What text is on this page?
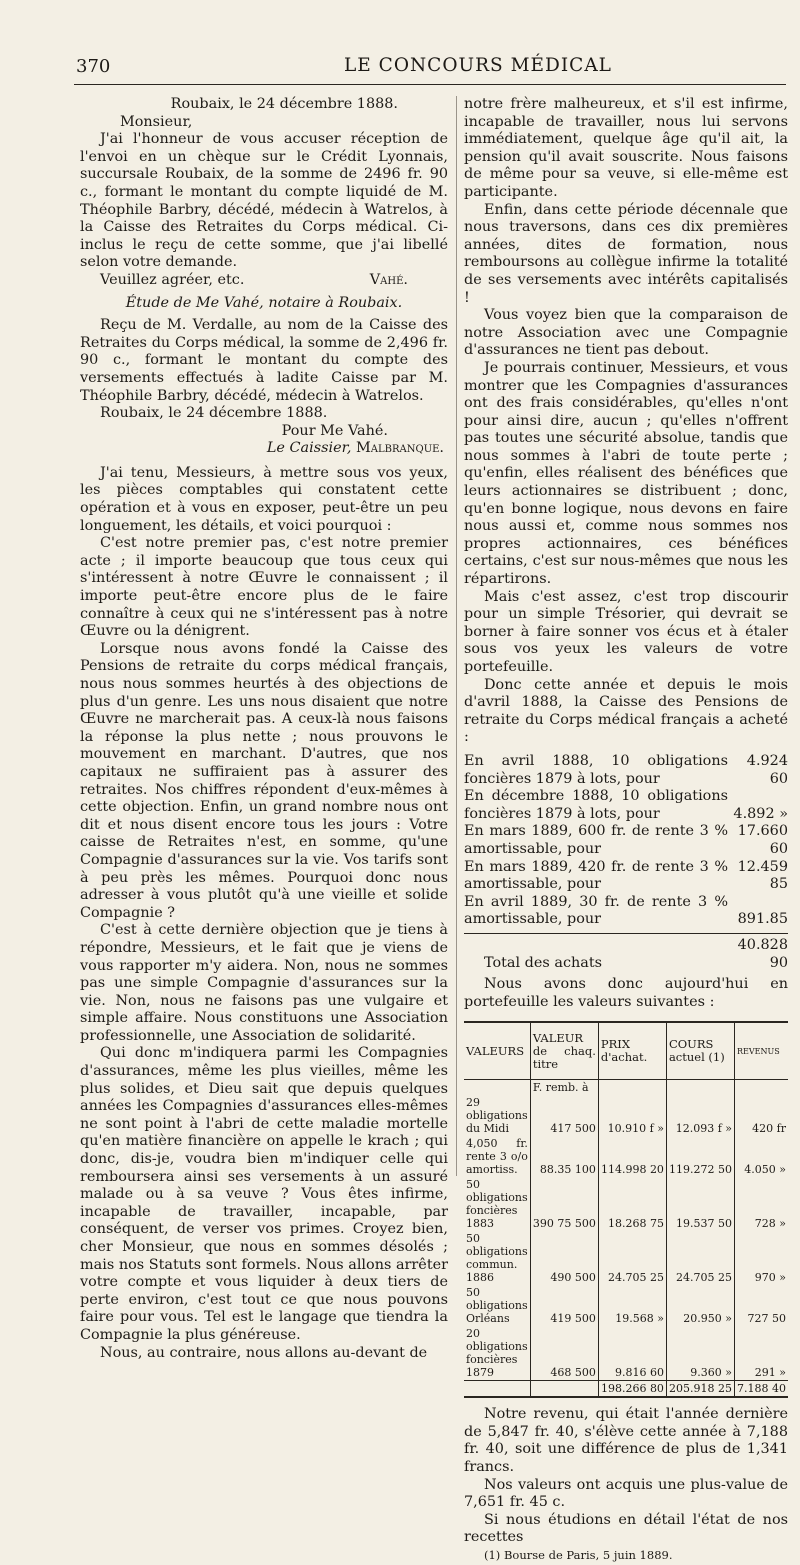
370	LE CONCOURS MÉDICAL

Roubaix, le 24 décembre 1888.

Monsieur,

J'ai l'honneur de vous accuser réception de l'envoi en un chèque sur le Crédit Lyonnais, succursale Roubaix, de la somme de 2496 fr. 90 c., formant le montant du compte liquidé de M. Théophile Barbry, décédé, médecin à Watrelos, à la Caisse des Retraites du Corps médical. Ci-inclus le reçu de cette somme, que j'ai libellé selon votre demande.

Veuillez agréer, etc.	Vahé.

Étude de Me Vahé, notaire à Roubaix.

Reçu de M. Verdalle, au nom de la Caisse des Retraites du Corps médical, la somme de 2,496 fr. 90 c., formant le montant du compte des versements effectués à ladite Caisse par M. Théophile Barbry, décédé, médecin à Watrelos.

Roubaix, le 24 décembre 1888.

Pour Me Vahé.

Le Caissier, Malbranque.

J'ai tenu, Messieurs, à mettre sous vos yeux, les pièces comptables qui constatent cette opération et à vous en exposer, peut-être un peu longuement, les détails, et voici pourquoi :

C'est notre premier pas, c'est notre premier acte ; il importe beaucoup que tous ceux qui s'intéressent à notre Œuvre le connaissent ; il importe peut-être encore plus de le faire connaître à ceux qui ne s'intéressent pas à notre Œuvre ou la dénigrent.

Lorsque nous avons fondé la Caisse des Pensions de retraite du corps médical français, nous nous sommes heurtés à des objections de plus d'un genre. Les uns nous disaient que notre Œuvre ne marcherait pas. A ceux-là nous faisons la réponse la plus nette ; nous prouvons le mouvement en marchant. D'autres, que nos capitaux ne suffiraient pas à assurer des retraites. Nos chiffres répondent d'eux-mêmes à cette objection. Enfin, un grand nombre nous ont dit et nous disent encore tous les jours : Votre caisse de Retraites n'est, en somme, qu'une Compagnie d'assurances sur la vie. Vos tarifs sont à peu près les mêmes. Pourquoi donc nous adresser à vous plutôt qu'à une vieille et solide Compagnie ?

C'est à cette dernière objection que je tiens à répondre, Messieurs, et le fait que je viens de vous rapporter m'y aidera. Non, nous ne sommes pas une simple Compagnie d'assurances sur la vie. Non, nous ne faisons pas une vulgaire et simple affaire. Nous constituons une Association professionnelle, une Association de solidarité.

Qui donc m'indiquera parmi les Compagnies d'assurances, même les plus vieilles, même les plus solides, et Dieu sait que depuis quelques années les Compagnies d'assurances elles-mêmes ne sont point à l'abri de cette maladie mortelle qu'en matière financière on appelle le krach ; qui donc, dis-je, voudra bien m'indiquer celle qui remboursera ainsi ses versements à un assuré malade ou à sa veuve ? Vous êtes infirme, incapable de travailler, incapable, par conséquent, de verser vos primes. Croyez bien, cher Monsieur, que nous en sommes désolés ; mais nos Statuts sont formels. Nous allons arrêter votre compte et vous liquider à deux tiers de perte environ, c'est tout ce que nous pouvons faire pour vous. Tel est le langage que tiendra la Compagnie la plus généreuse.

Nous, au contraire, nous allons au-devant de

notre frère malheureux, et s'il est infirme, incapable de travailler, nous lui servons immédiatement, quelque âge qu'il ait, la pension qu'il avait souscrite. Nous faisons de même pour sa veuve, si elle-même est participante.

Enfin, dans cette période décennale que nous traversons, dans ces dix premières années, dites de formation, nous remboursons au collègue infirme la totalité de ses versements avec intérêts capitalisés !

Vous voyez bien que la comparaison de notre Association avec une Compagnie d'assurances ne tient pas debout.

Je pourrais continuer, Messieurs, et vous montrer que les Compagnies d'assurances ont des frais considérables, qu'elles n'ont pour ainsi dire, aucun ; qu'elles n'offrent pas toutes une sécurité absolue, tandis que nous sommes à l'abri de toute perte ; qu'enfin, elles réalisent des bénéfices que leurs actionnaires se distribuent ; donc, qu'en bonne logique, nous devons en faire nous aussi et, comme nous sommes nos propres actionnaires, ces bénéfices certains, c'est sur nous-mêmes que nous les répartirons.

Mais c'est assez, c'est trop discourir pour un simple Trésorier, qui devrait se borner à faire sonner vos écus et à étaler sous vos yeux les valeurs de votre portefeuille.

Donc cette année et depuis le mois d'avril 1888, la Caisse des Pensions de retraite du Corps médical français a acheté :

En avril 1888, 10 obligations foncières 1879 à lots, pour
4.924 60
En décembre 1888, 10 obligations foncières 1879 à lots, pour	4.892 »
En mars 1889, 600 fr. de rente 3 % amortissable, pour
17.660 60
En mars 1889, 420 fr. de rente 3 % amortissable, pour
12.459 85
En avril 1889, 30 fr. de rente 3 % amortissable, pour	891.85
Total des achats
40.828 90

Nous avons donc aujourd'hui en portefeuille les valeurs suivantes :

VALEURS	VALEUR de chaq. titre	PRIX d'achat.	COURS actuel (1)	REVENUS
	F. remb. à			
29 obligations du Midi	417 500	10.910 f »	12.093 f »	420 fr
4,050 fr. rente 3 o/o amortiss.	88.35 100	114.998 20	119.272 50	4.050 »
50 obligations foncières 1883	390 75 500	18.268 75	19.537 50	728 »
50 obligations commun. 1886	490 500	24.705 25	24.705 25	970 »
50 obligations Orléans	419 500	19.568 »	20.950 »	727 50
20 obligations foncières 1879	468 500	9.816 60	9.360 »	291 »
		198.266 80	205.918 25	7.188 40

Notre revenu, qui était l'année dernière de 5,847 fr. 40, s'élève cette année à 7,188 fr. 40, soit une différence de plus de 1,341 francs.

Nos valeurs ont acquis une plus-value de 7,651 fr. 45 c.

Si nous étudions en détail l'état de nos recettes

(1) Bourse de Paris, 5 juin 1889.
